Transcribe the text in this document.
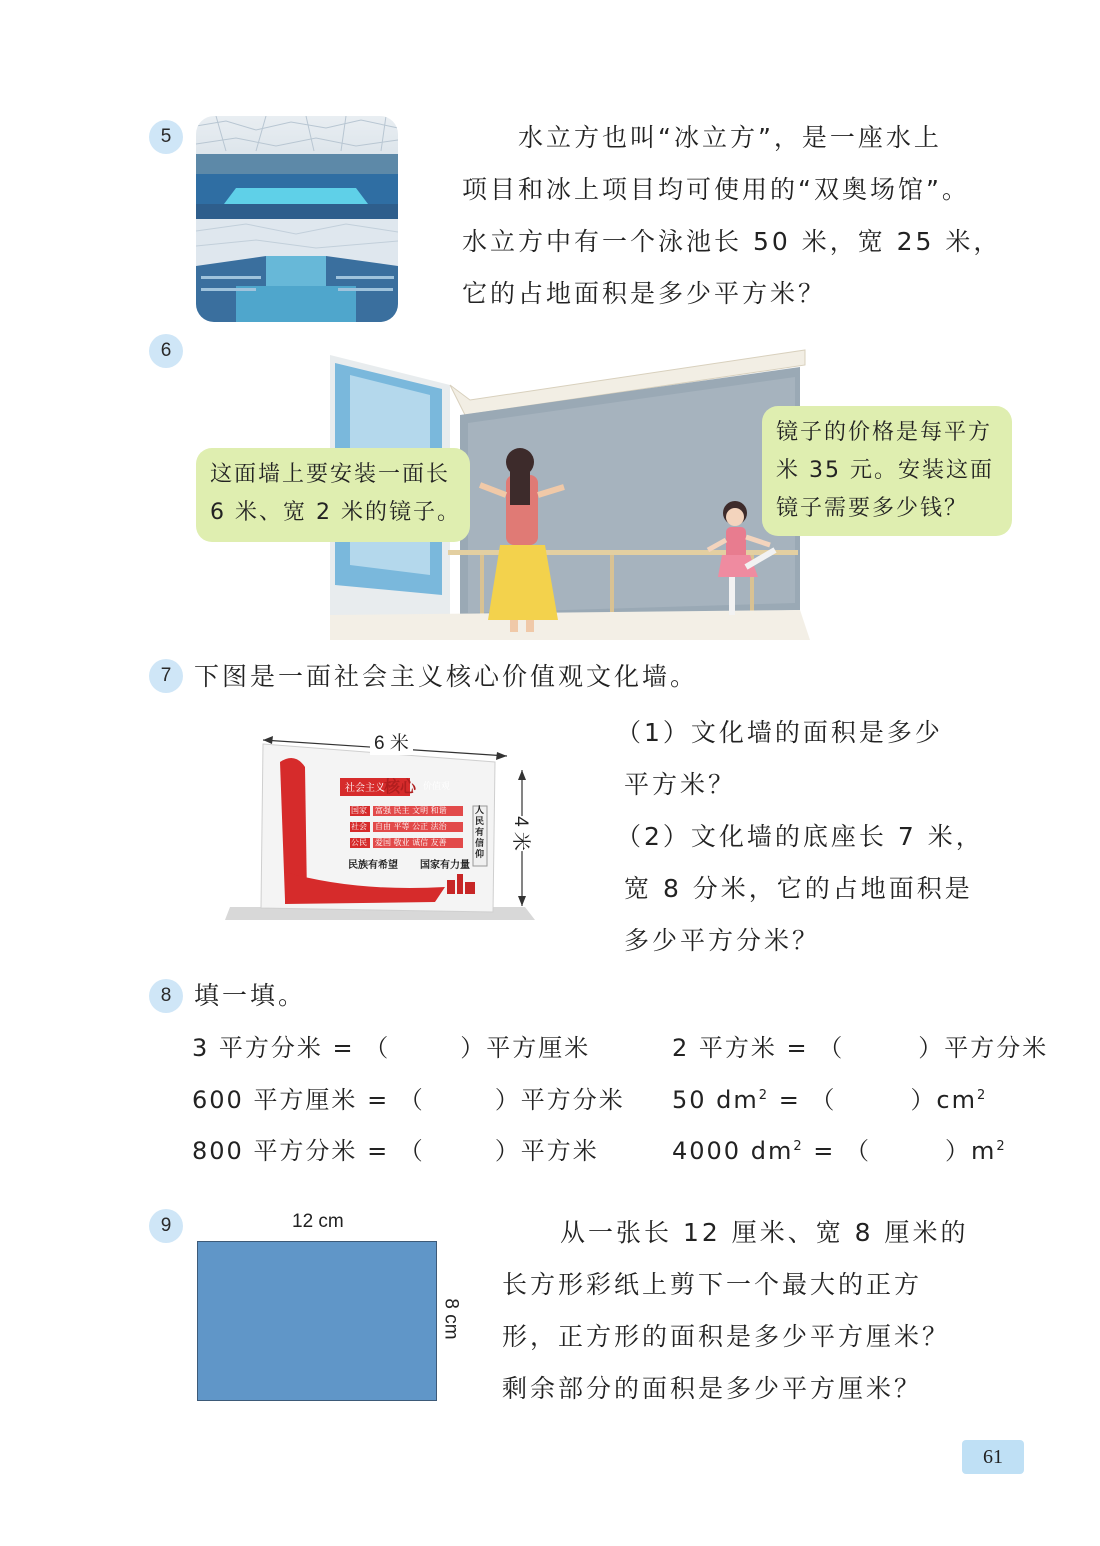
5	水立方也叫“冰立方”，是一座水上
项目和冰上项目均可使用的“双奥场馆”。
水立方中有一个泳池长 50 米，宽 25 米，
它的占地面积是多少平方米？
6
这面墙上要安装一面长
6 米、宽 2 米的镜子。
镜子的价格是每平方
米 35 元。安装这面
镜子需要多少钱？
7 下图是一面社会主义核心价值观文化墙。
6 米
4 米
社会主义 核心 价值观
国家 富强 民主 文明 和谐
社会 自由 平等 公正 法治
公民 爱国 敬业 诚信 友善
人民有信仰
民族有希望 国家有力量
（1）文化墙的面积是多少
平方米？
（2）文化墙的底座长 7 米，
宽 8 分米，它的占地面积是
多少平方分米？
8 填一填。
3 平方分米 = （	）平方厘米
600 平方厘米 = （	）平方分米
800 平方分米 = （	）平方米
2 平方米 = （	）平方分米
50 $dm^2$ = （	）$cm^2$
4000 $dm^2$ = （	）$m^2$
9	12 cm
8 cm
从一张长 12 厘米、宽 8 厘米的
长方形彩纸上剪下一个最大的正方
形，正方形的面积是多少平方厘米？
剩余部分的面积是多少平方厘米？
61
